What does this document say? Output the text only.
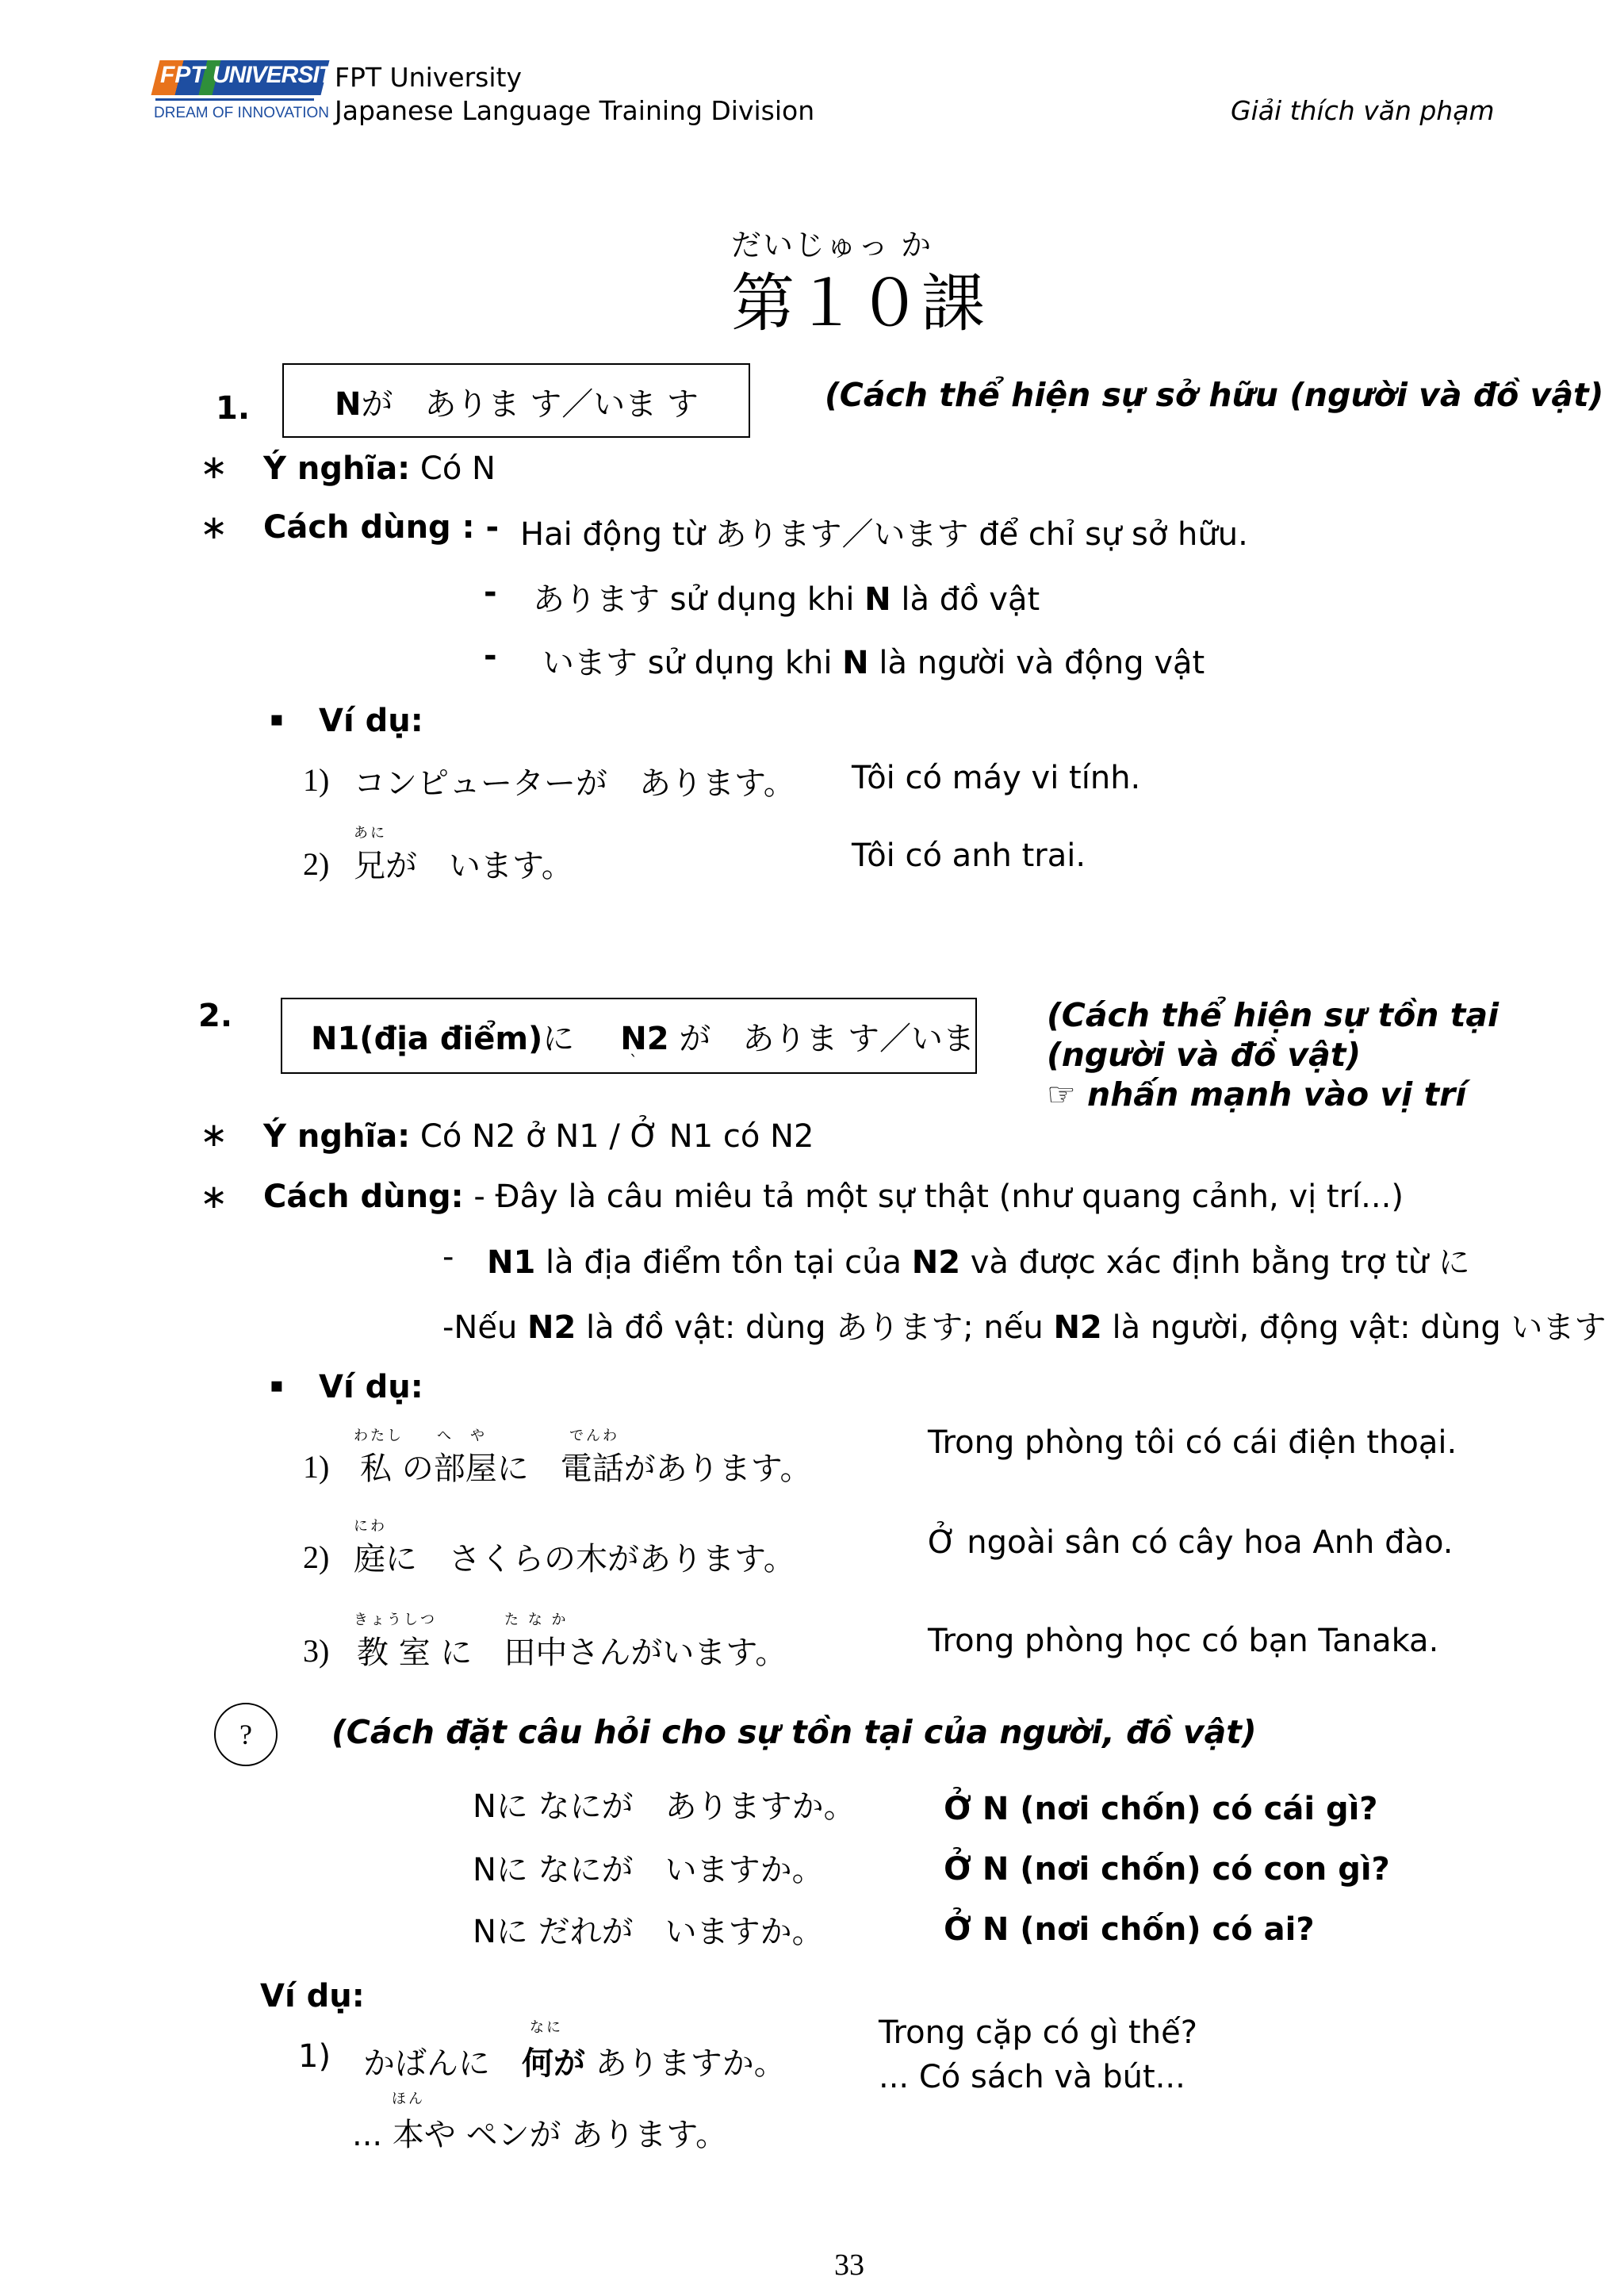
FPT UNIVERSITY
DREAM OF INNOVATION
FPT University
Japanese Language Training Division	Giải thích văn phạm
だいじゅっ か
第１０課
1.	Nが　ありま す／いま す	(Cách thể hiện sự sở hữu (người và đồ vật)
∗ Ý nghĩa: Có N
∗ Cách dùng : - Hai động từ あります／います để chỉ sự sở hữu.
- あります sử dụng khi N là đồ vật
- います sử dụng khi N là người và động vật
▪ Ví dụ:
1) コンピューターが　あります。 Tôi có máy vi tính.
あに
2) 兄が　います。	Tôi có anh trai.
2.
N1(địa điểm)に　N2 が　ありま す／いま
`
(Cách thể hiện sự tồn tại
(người và đồ vật)
☞ nhấn mạnh vào vị trí
∗ Ý nghĩa: Có N2 ở N1 / Ở N1 có N2
∗ Cách dùng: - Đây là câu miêu tả một sự thật (như quang cảnh, vị trí...)
- N1 là địa điểm tồn tại của N2 và được xác định bằng trợ từ に
-Nếu N2 là đồ vật: dùng あります; nếu N2 là người, động vật: dùng います
▪ Ví dụ:
わたし　　へ　や	でんわ
1) 私 の部屋に　電話があります。
Trong phòng tôi có cái điện thoại.
にわ
2) 庭に　さくらの木があります。	Ở ngoài sân có cây hoa Anh đào.
きょうしつ	た な か
3) 教 室 に　田中さんがいます。	Trong phòng học có bạn Tanaka.
?	(Cách đặt câu hỏi cho sự tồn tại của người, đồ vật)
Nに なにが　ありますか。	Ở N (nơi chốn) có cái gì?
Nに なにが　いますか。	Ở N (nơi chốn) có con gì?
Nに だれが　いますか。	Ở N (nơi chốn) có ai?
Ví dụ:
なに
1) かばんに　何が ありますか。
ほん
... 本や ペンが あります。
Trong cặp có gì thế?
... Có sách và bút...
33
